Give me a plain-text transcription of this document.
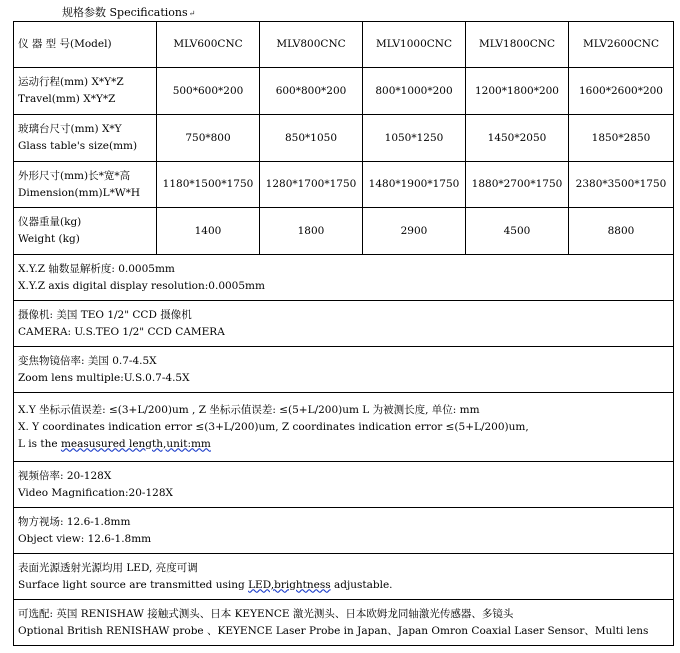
规格参数 Specifications↵
仪 器 型 号(Model)	MLV600CNC	MLV800CNC	MLV1000CNC	MLV1800CNC	MLV2600CNC

运动行程(mm) X*Y*Z
Travel(mm) X*Y*Z	500*600*200	600*800*200	800*1000*200	1200*1800*200	1600*2600*200

玻璃台尺寸(mm) X*Y
Glass table's size(mm)	750*800	850*1050	1050*1250	1450*2050	1850*2850

外形尺寸(mm)长*宽*高
Dimension(mm)L*W*H	1180*1500*1750	1280*1700*1750	1480*1900*1750	1880*2700*1750	2380*3500*1750

仪器重量(kg)
Weight (kg)	1400	1800	2900	4500	8800

X.Y.Z 轴数显解析度: 0.0005mm
X.Y.Z axis digital display resolution:0.0005mm					

摄像机: 美国 TEO 1/2" CCD 摄像机
CAMERA: U.S.TEO 1/2" CCD CAMERA					

变焦物镜倍率: 美国 0.7-4.5X
Zoom lens multiple:U.S.0.7-4.5X					

X.Y 坐标示值误差: ≤(3+L/200)um , Z 坐标示值误差: ≤(5+L/200)um L 为被测长度, 单位: mm
X. Y coordinates indication error ≤(3+L/200)um, Z coordinates indication error ≤(5+L/200)um,
L is the measusured length,unit:mm					

视频倍率: 20-128X
Video Magnification:20-128X					

物方视场: 12.6-1.8mm
Object view: 12.6-1.8mm					

表面光源透射光源均用 LED, 亮度可调
Surface light source are transmitted using LED,brightness adjustable.					

可选配: 英国 RENISHAW 接触式测头、日本 KEYENCE 激光测头、日本欧姆龙同轴激光传感器、多镜头
Optional British RENISHAW probe 、KEYENCE Laser Probe in Japan、Japan Omron Coaxial Laser Sensor、Multi lens					
